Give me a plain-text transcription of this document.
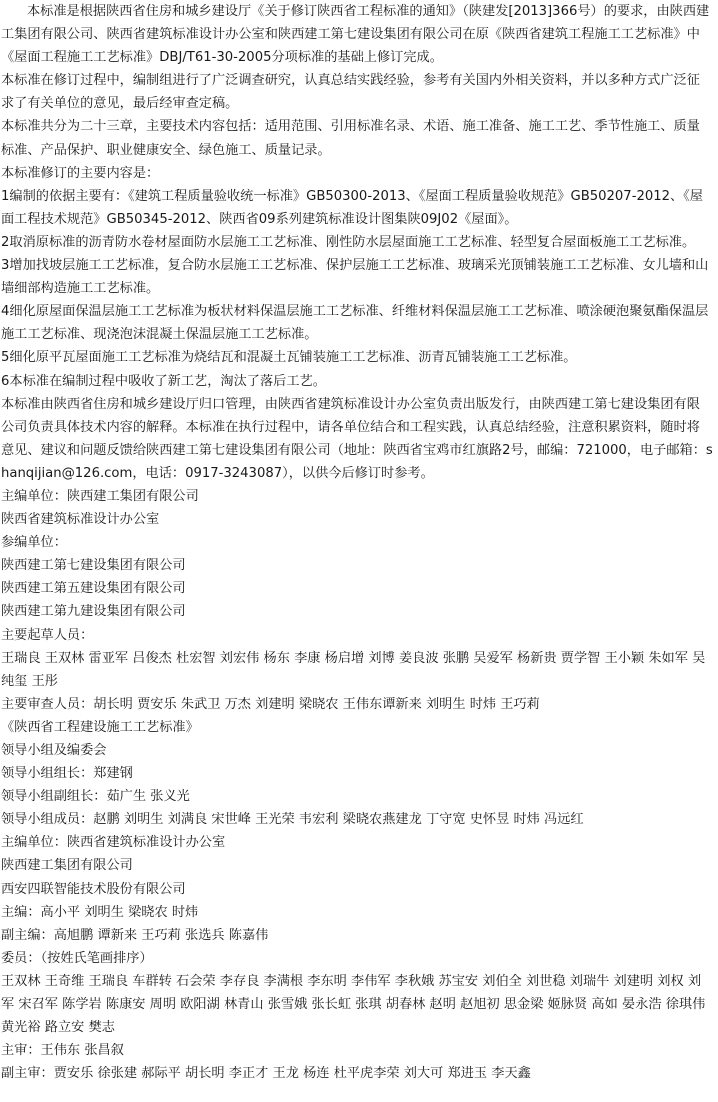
本标准是根据陕西省住房和城乡建设厅《关于修订陕西省工程标准的通知》（陕建发[2013]366号）的要求，由陕西建工集团有限公司、陕西省建筑标准设计办公室和陕西建工第七建设集团有限公司在原《陕西省建筑工程施工工艺标准》中《屋面工程施工工艺标准》DBJ/T61-30-2005分项标准的基础上修订完成。

本标准在修订过程中，编制组进行了广泛调查研究，认真总结实践经验，参考有关国内外相关资料，并以多种方式广泛征求了有关单位的意见，最后经审查定稿。

本标准共分为二十三章，主要技术内容包括：适用范围、引用标准名录、术语、施工准备、施工工艺、季节性施工、质量标准、产品保护、职业健康安全、绿色施工、质量记录。

本标准修订的主要内容是：

1编制的依据主要有：《建筑工程质量验收统一标准》GB50300-2013、《屋面工程质量验收规范》GB50207-2012、《屋面工程技术规范》GB50345-2012、陕西省09系列建筑标准设计图集陕09J02《屋面》。

2取消原标准的沥青防水卷材屋面防水层施工工艺标准、刚性防水层屋面施工工艺标准、轻型复合屋面板施工工艺标准。

3增加找坡层施工工艺标准，复合防水层施工工艺标准、保护层施工工艺标准、玻璃采光顶铺装施工工艺标准、女儿墙和山墙细部构造施工工艺标准。

4细化原屋面保温层施工工艺标准为板状材料保温层施工工艺标准、纤维材料保温层施工工艺标准、喷涂硬泡聚氨酯保温层施工工艺标准、现浇泡沫混凝土保温层施工工艺标准。

5细化原平瓦屋面施工工艺标准为烧结瓦和混凝土瓦铺装施工工艺标准、沥青瓦铺装施工工艺标准。

6本标准在编制过程中吸收了新工艺，淘汰了落后工艺。

本标准由陕西省住房和城乡建设厅归口管理，由陕西省建筑标准设计办公室负责出版发行，由陕西建工第七建设集团有限公司负责具体技术内容的解释。本标准在执行过程中，请各单位结合和工程实践，认真总结经验，注意积累资料，随时将意见、建议和问题反馈给陕西建工第七建设集团有限公司（地址：陕西省宝鸡市红旗路2号，邮编：721000，电子邮箱：shanqijian@126.com，电话：0917-3243087），以供今后修订时参考。

主编单位：陕西建工集团有限公司

陕西省建筑标准设计办公室

参编单位：

陕西建工第七建设集团有限公司

陕西建工第五建设集团有限公司

陕西建工第九建设集团有限公司

主要起草人员：

王瑞良 王双林 雷亚军 吕俊杰 杜宏智 刘宏伟 杨东 李康 杨启增 刘博 姜良波 张鹏 吴爱军 杨新贵 贾学智 王小颖 朱如军 吴纯玺 王彤

主要审查人员：胡长明 贾安乐 朱武卫 万杰 刘建明 梁晓农 王伟东谭新来 刘明生 时炜 王巧莉

《陕西省工程建设施工工艺标准》

领导小组及编委会

领导小组组长：郑建钢

领导小组副组长：茹广生 张义光

领导小组成员：赵鹏 刘明生 刘满良 宋世峰 王光荣 韦宏利 梁晓农燕建龙 丁守宽 史怀昱 时炜 冯远红

主编单位：陕西省建筑标准设计办公室

陕西建工集团有限公司

西安四联智能技术股份有限公司

主编：高小平 刘明生 梁晓农 时炜

副主编：高旭鹏 谭新来 王巧莉 张选兵 陈嘉伟

委员：（按姓氏笔画排序）

王双林 王奇维 王瑞良 车群转 石会荣 李存良 李满根 李东明 李伟军 李秋娥 苏宝安 刘伯全 刘世稳 刘瑞牛 刘建明 刘权 刘军 宋召军 陈学岩 陈康安 周明 欧阳湖 林青山 张雪娥 张长虹 张琪 胡春林 赵明 赵旭初 思金梁 姬脉贤 高如 晏永浩 徐琪伟 黄光裕 路立安 樊志

主审：王伟东 张昌叙

副主审：贾安乐 徐张建 郝际平 胡长明 李正才 王龙 杨连 杜平虎李荣 刘大可 郑进玉 李天鑫
